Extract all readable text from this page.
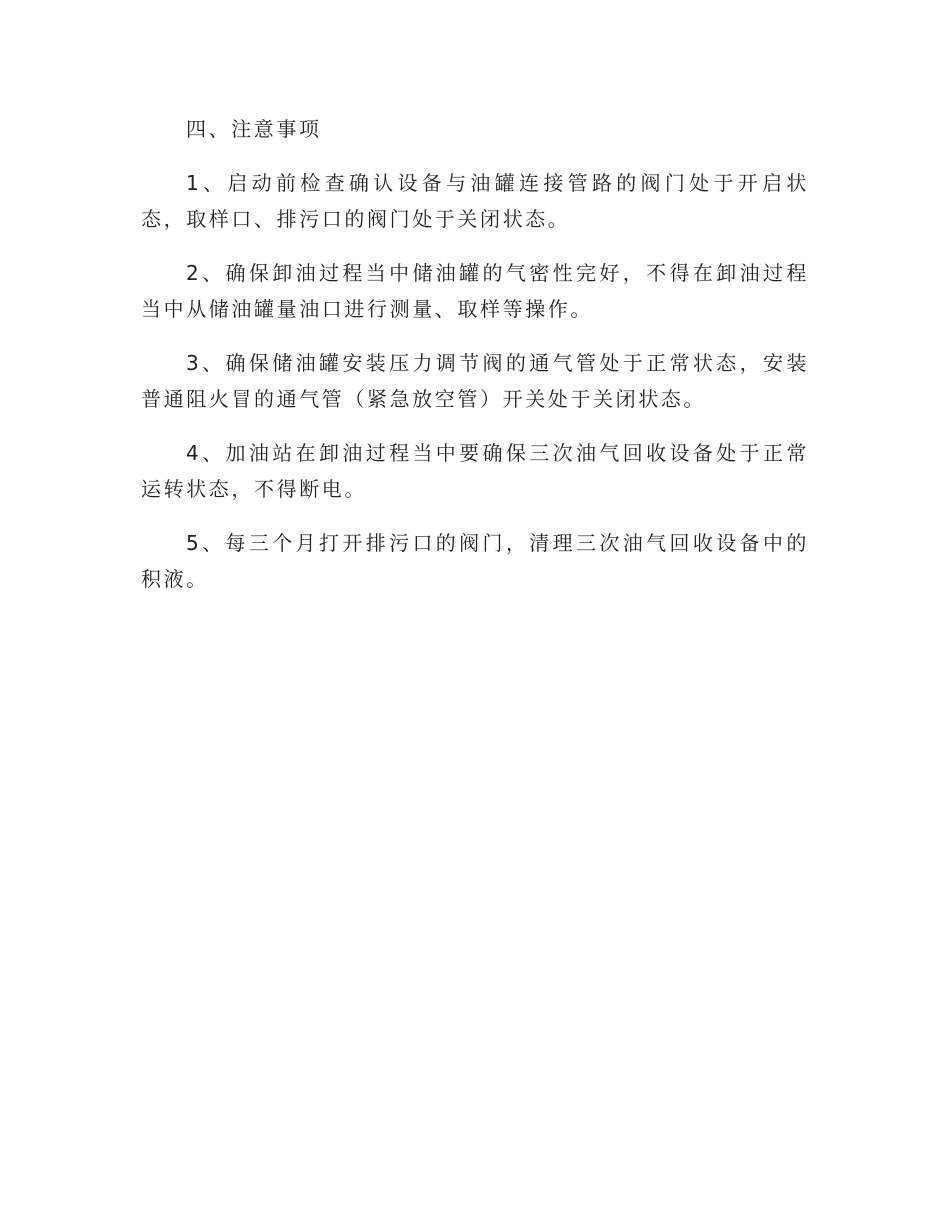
四、注意事项

1、启动前检查确认设备与油罐连接管路的阀门处于开启状态，取样口、排污口的阀门处于关闭状态。

2、确保卸油过程当中储油罐的气密性完好，不得在卸油过程当中从储油罐量油口进行测量、取样等操作。

3、确保储油罐安装压力调节阀的通气管处于正常状态，安装普通阻火冒的通气管（紧急放空管）开关处于关闭状态。

4、加油站在卸油过程当中要确保三次油气回收设备处于正常运转状态，不得断电。

5、每三个月打开排污口的阀门，清理三次油气回收设备中的积液。
